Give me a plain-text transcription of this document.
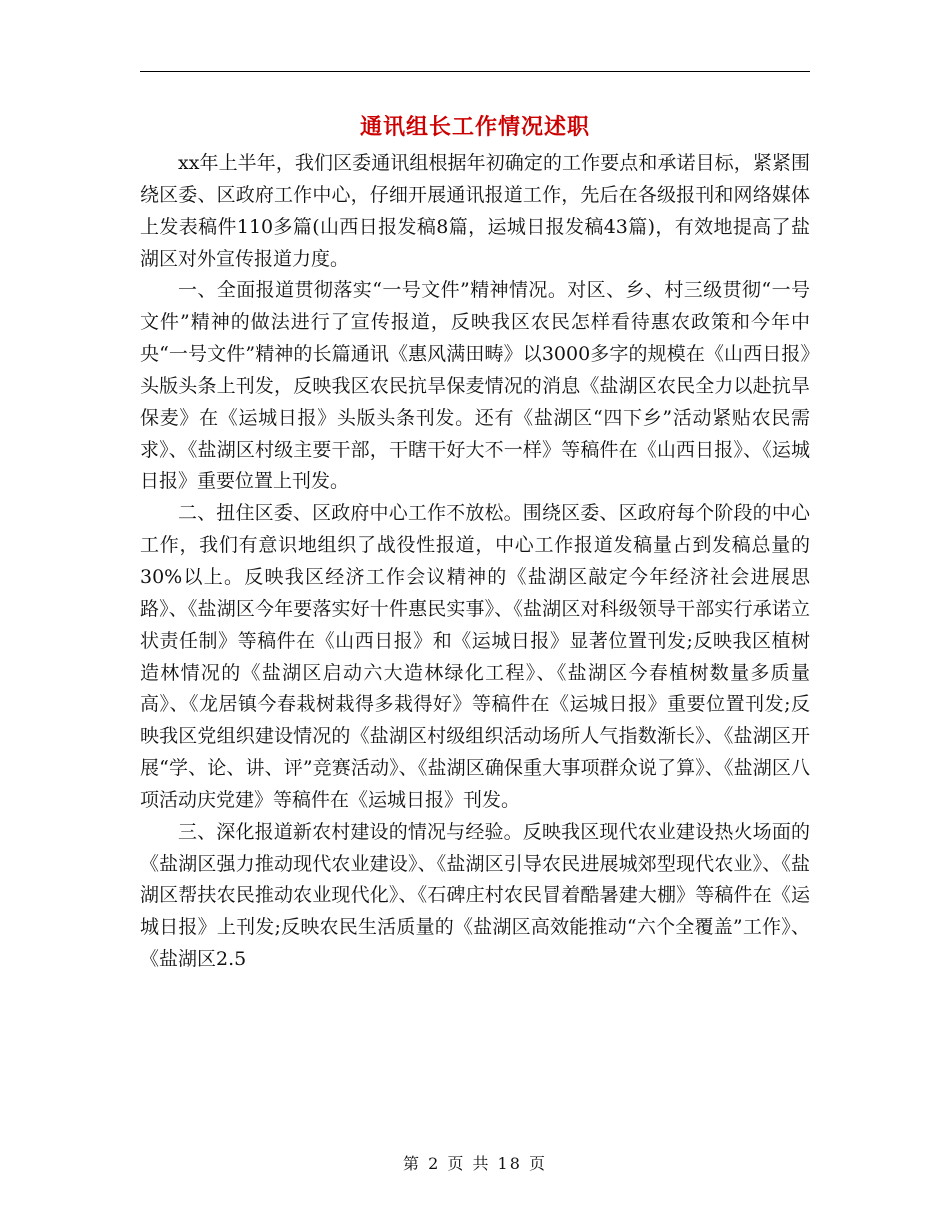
通讯组长工作情况述职

xx年上半年，我们区委通讯组根据年初确定的工作要点和承诺目标，紧紧围绕区委、区政府工作中心，仔细开展通讯报道工作，先后在各级报刊和网络媒体上发表稿件110多篇(山西日报发稿8篇，运城日报发稿43篇)，有效地提高了盐湖区对外宣传报道力度。

一、全面报道贯彻落实“一号文件”精神情况。对区、乡、村三级贯彻“一号文件”精神的做法进行了宣传报道，反映我区农民怎样看待惠农政策和今年中央“一号文件”精神的长篇通讯《惠风满田畴》以3000多字的规模在《山西日报》头版头条上刊发，反映我区农民抗旱保麦情况的消息《盐湖区农民全力以赴抗旱保麦》在《运城日报》头版头条刊发。还有《盐湖区“四下乡”活动紧贴农民需求》、《盐湖区村级主要干部，干瞎干好大不一样》等稿件在《山西日报》、《运城日报》重要位置上刊发。

二、扭住区委、区政府中心工作不放松。围绕区委、区政府每个阶段的中心工作，我们有意识地组织了战役性报道，中心工作报道发稿量占到发稿总量的30%以上。反映我区经济工作会议精神的《盐湖区敲定今年经济社会进展思路》、《盐湖区今年要落实好十件惠民实事》、《盐湖区对科级领导干部实行承诺立状责任制》等稿件在《山西日报》和《运城日报》显著位置刊发;反映我区植树造林情况的《盐湖区启动六大造林绿化工程》、《盐湖区今春植树数量多质量高》、《龙居镇今春栽树栽得多栽得好》等稿件在《运城日报》重要位置刊发;反映我区党组织建设情况的《盐湖区村级组织活动场所人气指数渐长》、《盐湖区开展“学、论、讲、评”竞赛活动》、《盐湖区确保重大事项群众说了算》、《盐湖区八项活动庆党建》等稿件在《运城日报》刊发。

三、深化报道新农村建设的情况与经验。反映我区现代农业建设热火场面的《盐湖区强力推动现代农业建设》、《盐湖区引导农民进展城郊型现代农业》、《盐湖区帮扶农民推动农业现代化》、《石碑庄村农民冒着酷暑建大棚》等稿件在《运城日报》上刊发;反映农民生活质量的《盐湖区高效能推动“六个全覆盖”工作》、《盐湖区2.5

第 2 页 共 18 页
